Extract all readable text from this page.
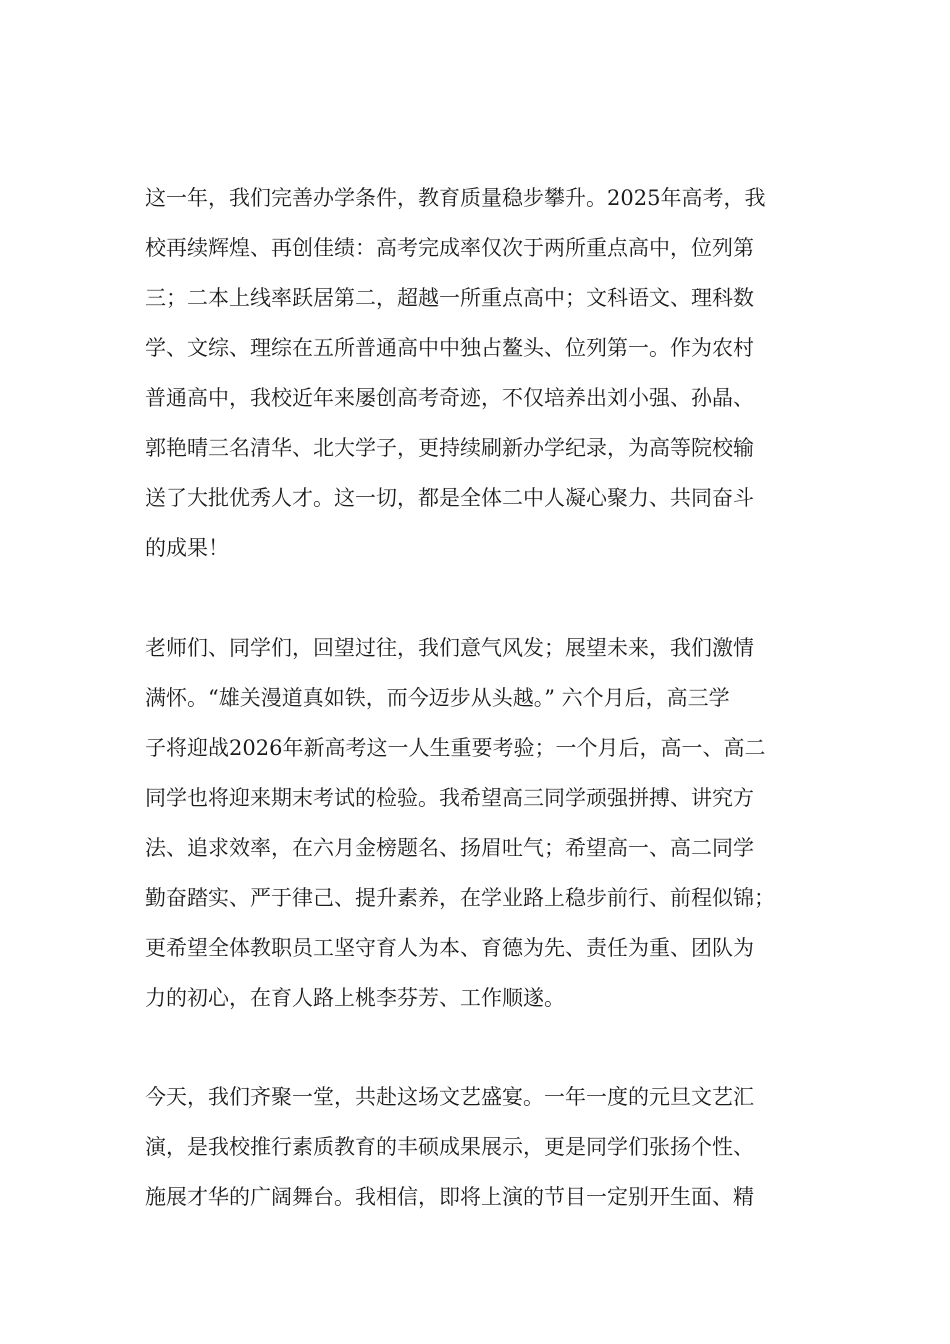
这一年，我们完善办学条件，教育质量稳步攀升。2025年高考，我
校再续辉煌、再创佳绩：高考完成率仅次于两所重点高中，位列第
三；二本上线率跃居第二，超越一所重点高中；文科语文、理科数
学、文综、理综在五所普通高中中独占鳌头、位列第一。作为农村
普通高中，我校近年来屡创高考奇迹，不仅培养出刘小强、孙晶、
郭艳晴三名清华、北大学子，更持续刷新办学纪录，为高等院校输
送了大批优秀人才。这一切，都是全体二中人凝心聚力、共同奋斗
的成果！
老师们、同学们，回望过往，我们意气风发；展望未来，我们激情
满怀。“雄关漫道真如铁，而今迈步从头越。” 六个月后，高三学
子将迎战2026年新高考这一人生重要考验；一个月后，高一、高二
同学也将迎来期末考试的检验。我希望高三同学顽强拼搏、讲究方
法、追求效率，在六月金榜题名、扬眉吐气；希望高一、高二同学
勤奋踏实、严于律己、提升素养，在学业路上稳步前行、前程似锦；
更希望全体教职员工坚守育人为本、育德为先、责任为重、团队为
力的初心，在育人路上桃李芬芳、工作顺遂。
今天，我们齐聚一堂，共赴这场文艺盛宴。一年一度的元旦文艺汇
演，是我校推行素质教育的丰硕成果展示，更是同学们张扬个性、
施展才华的广阔舞台。我相信，即将上演的节目一定别开生面、精
